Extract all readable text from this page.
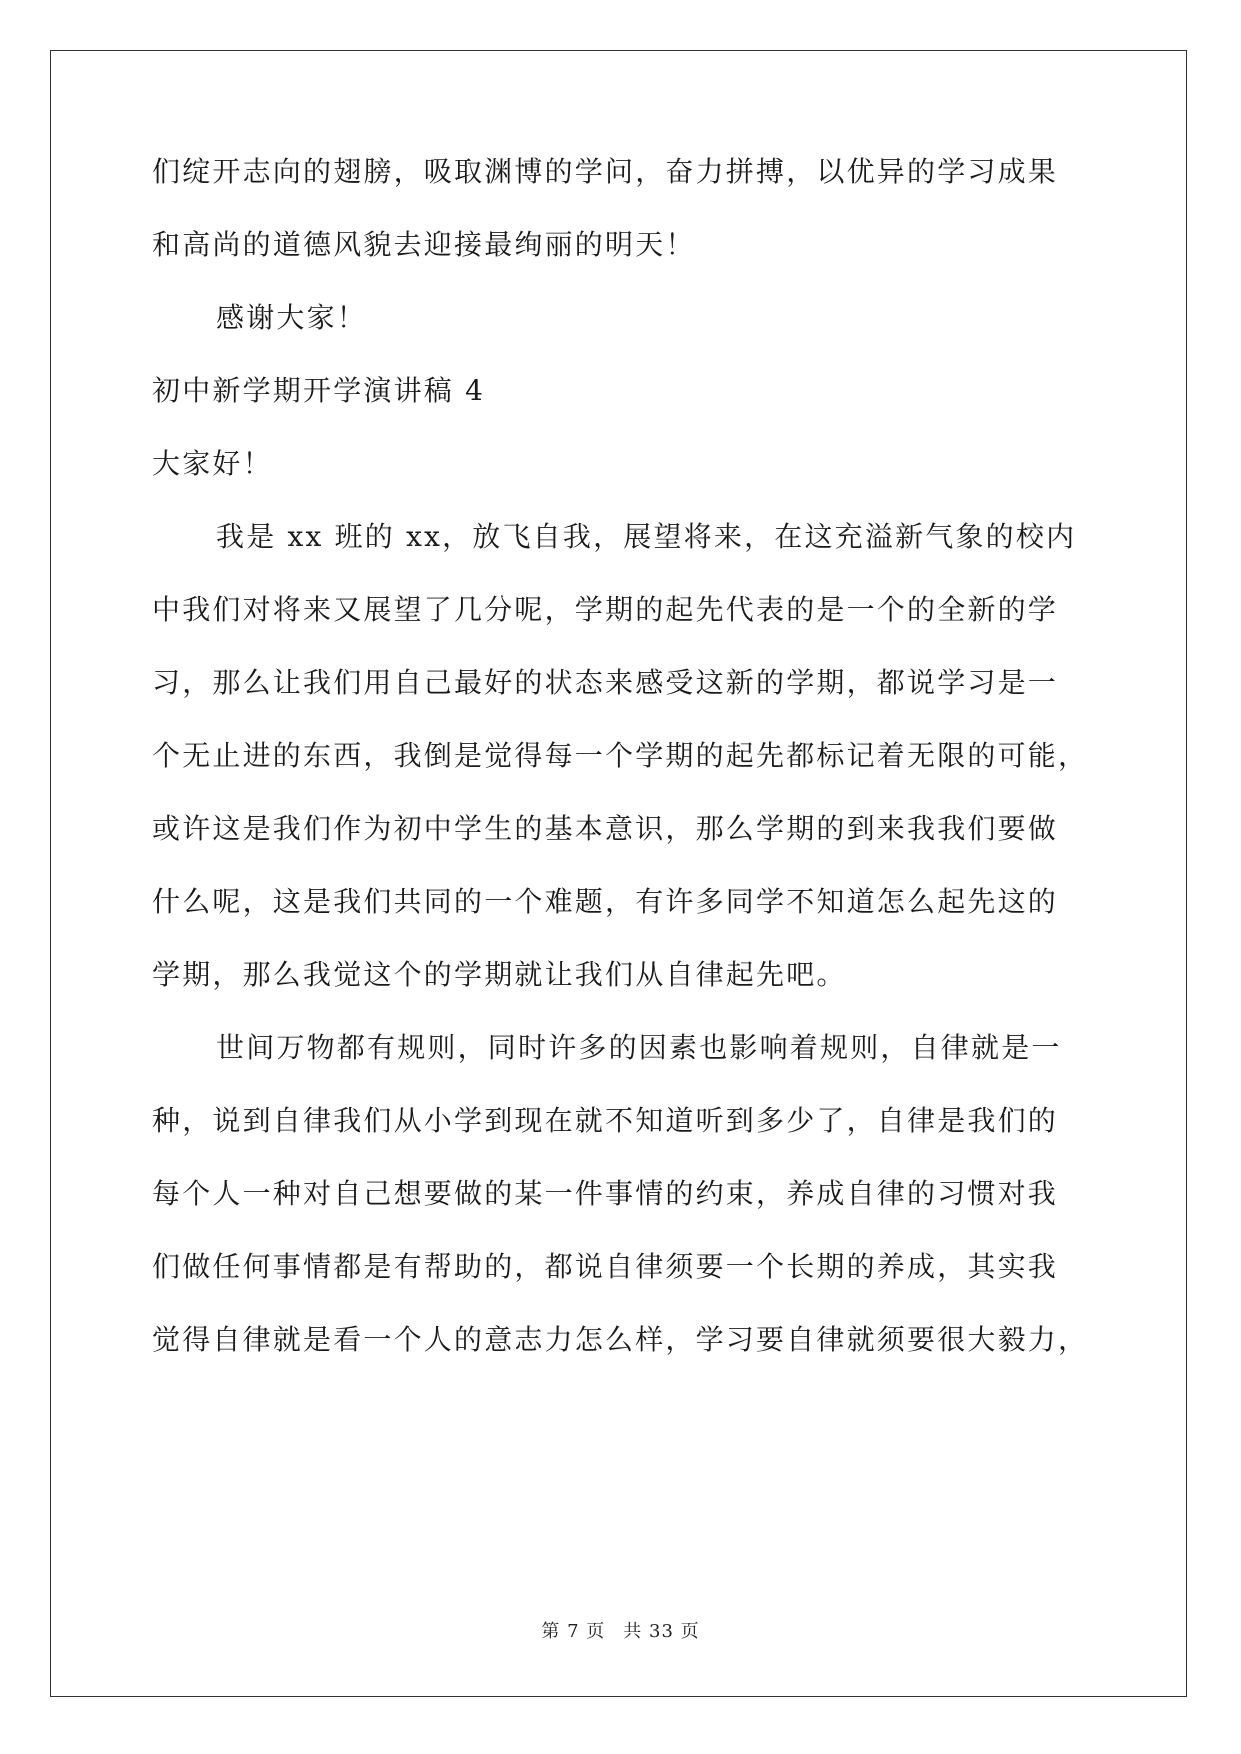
们绽开志向的翅膀，吸取渊博的学问，奋力拼搏，以优异的学习成果
和高尚的道德风貌去迎接最绚丽的明天！
感谢大家！
初中新学期开学演讲稿 4
大家好！
我是 xx 班的 xx，放飞自我，展望将来，在这充溢新气象的校内
中我们对将来又展望了几分呢，学期的起先代表的是一个的全新的学
习，那么让我们用自己最好的状态来感受这新的学期，都说学习是一
个无止进的东西，我倒是觉得每一个学期的起先都标记着无限的可能，
或许这是我们作为初中学生的基本意识，那么学期的到来我我们要做
什么呢，这是我们共同的一个难题，有许多同学不知道怎么起先这的
学期，那么我觉这个的学期就让我们从自律起先吧。
世间万物都有规则，同时许多的因素也影响着规则，自律就是一
种，说到自律我们从小学到现在就不知道听到多少了，自律是我们的
每个人一种对自己想要做的某一件事情的约束，养成自律的习惯对我
们做任何事情都是有帮助的，都说自律须要一个长期的养成，其实我
觉得自律就是看一个人的意志力怎么样，学习要自律就须要很大毅力，
第 7 页 共 33 页
